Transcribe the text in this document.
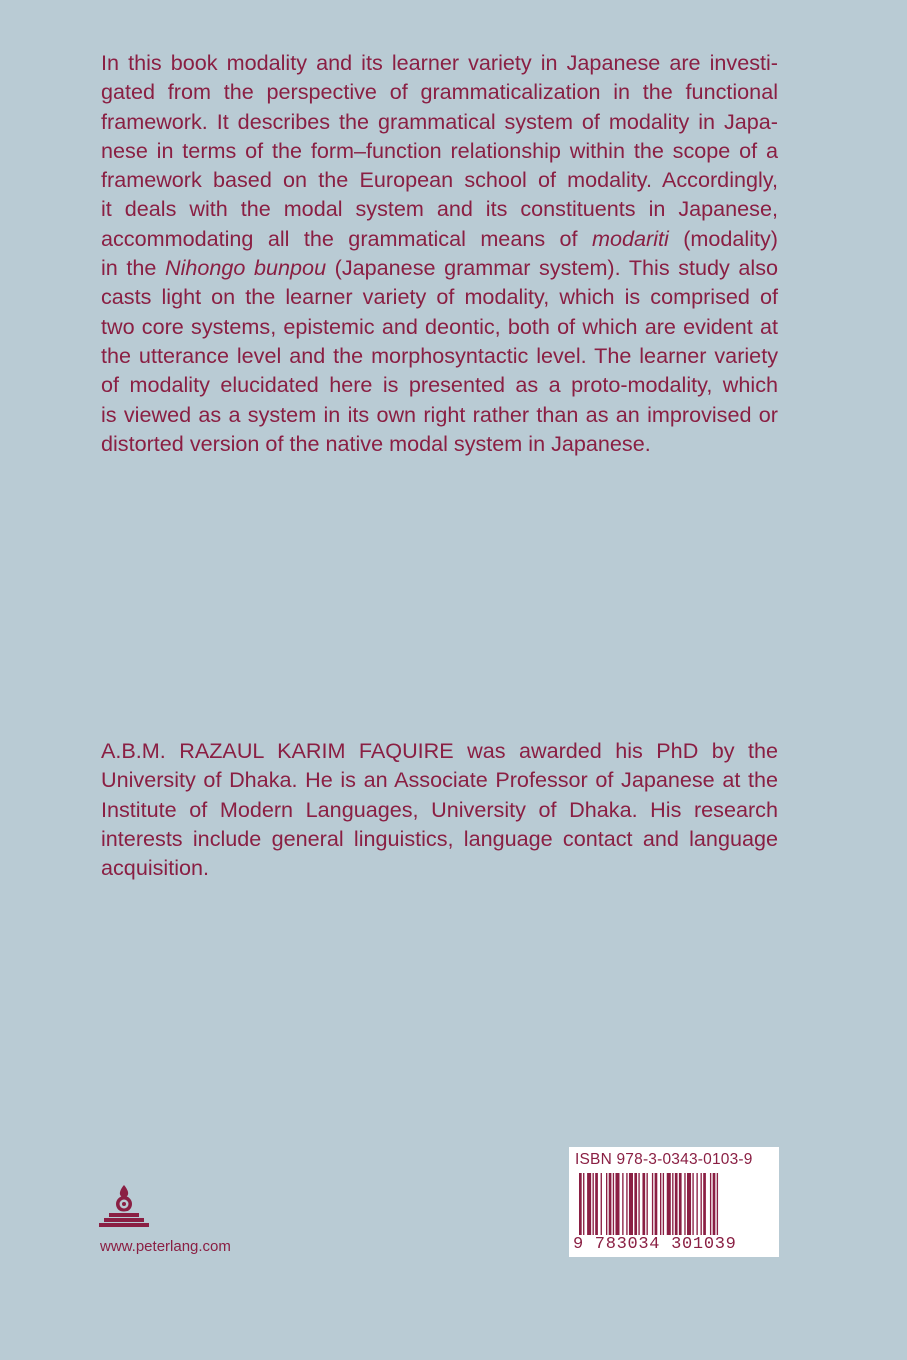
In this book modality and its learner variety in Japanese are investi-
gated from the perspective of grammaticalization in the functional
framework. It describes the grammatical system of modality in Japa-
nese in terms of the form–function relationship within the scope of a
framework based on the European school of modality. Accordingly,
it deals with the modal system and its constituents in Japanese,
accommodating all the grammatical means of modariti (modality)
in the Nihongo bunpou (Japanese grammar system). This study also
casts light on the learner variety of modality, which is comprised of
two core systems, epistemic and deontic, both of which are evident at
the utterance level and the morphosyntactic level. The learner variety
of modality elucidated here is presented as a proto-modality, which
is viewed as a system in its own right rather than as an improvised or
distorted version of the native modal system in Japanese.
A.B.M. RAZAUL KARIM FAQUIRE was awarded his PhD by the
University of Dhaka. He is an Associate Professor of Japanese at the
Institute of Modern Languages, University of Dhaka. His research
interests include general linguistics, language contact and language
acquisition.
www.peterlang.com
ISBN 978-3-0343-0103-9
9 783034 301039
